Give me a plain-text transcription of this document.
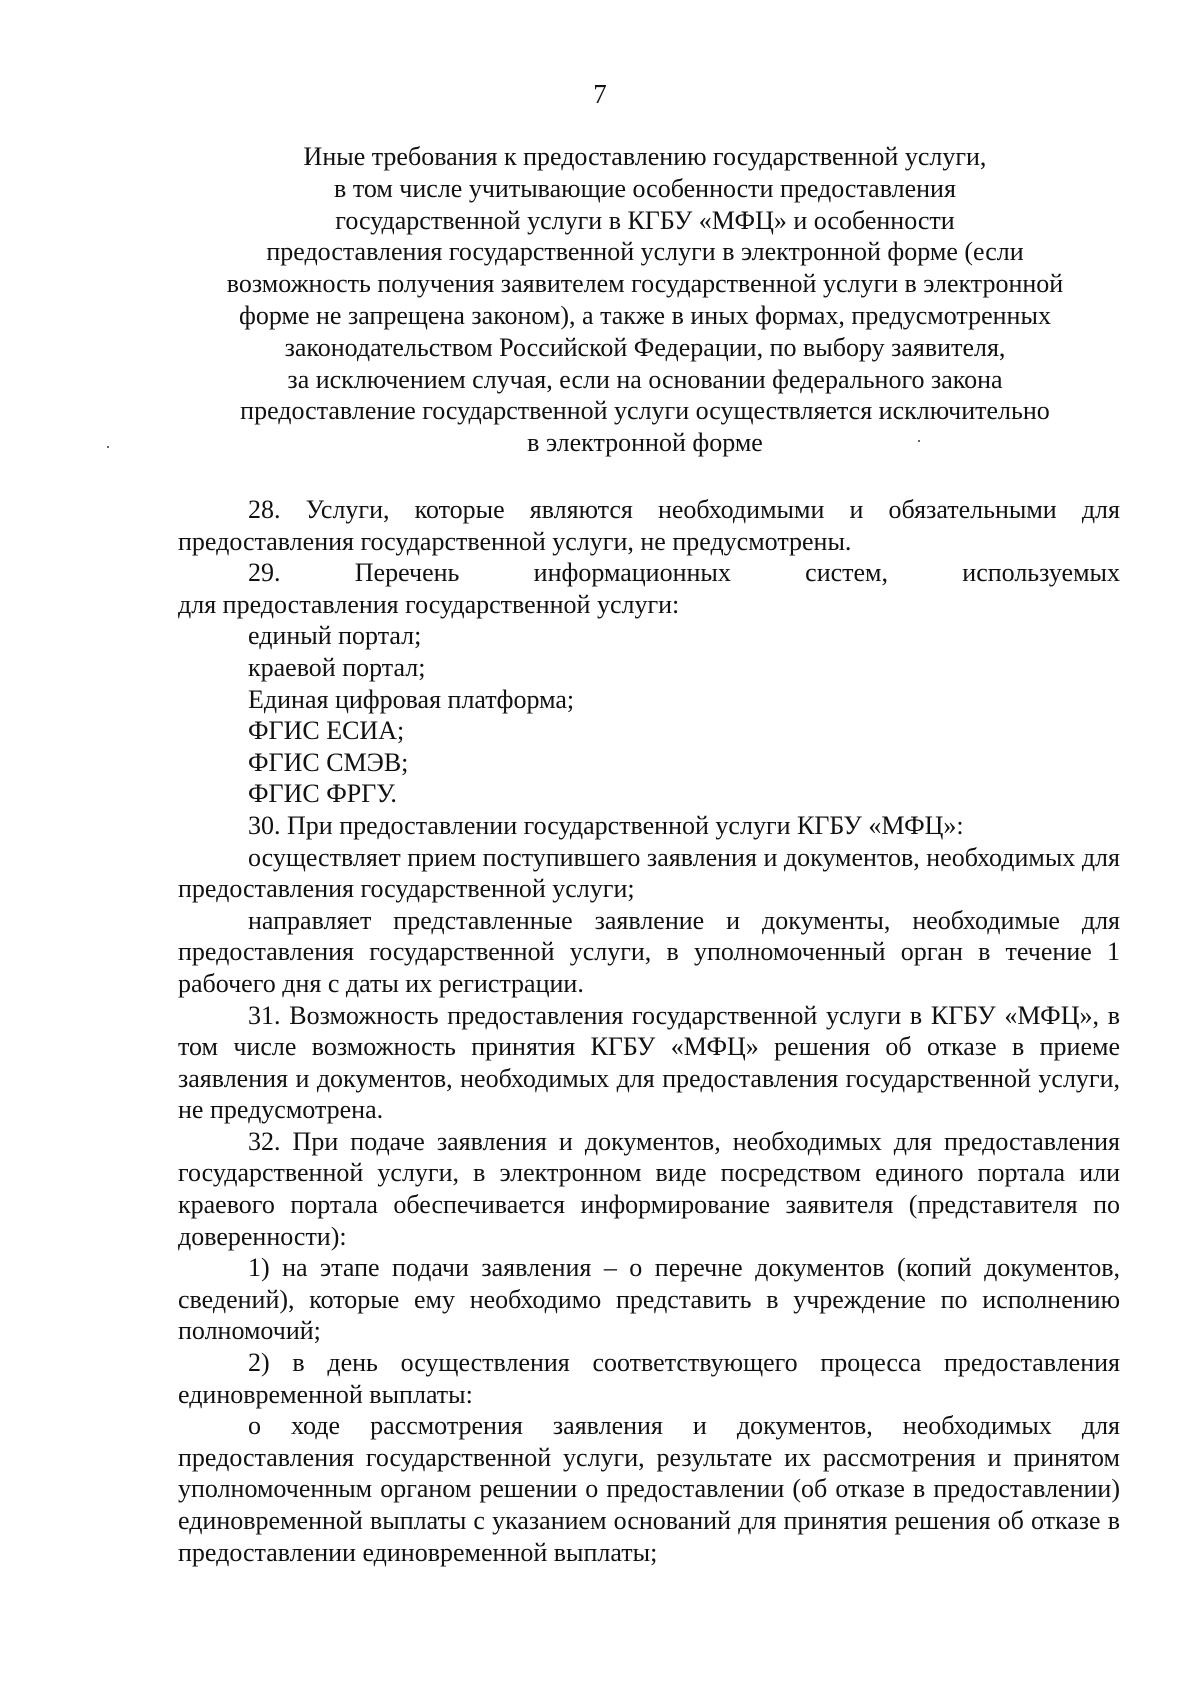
7
Иные требования к предоставлению государственной услуги,
в том числе учитывающие особенности предоставления
государственной услуги в КГБУ «МФЦ» и особенности
предоставления государственной услуги в электронной форме (если
возможность получения заявителем государственной услуги в электронной
форме не запрещена законом), а также в иных формах, предусмотренных
законодательством Российской Федерации, по выбору заявителя,
за исключением случая, если на основании федерального закона
предоставление государственной услуги осуществляется исключительно
в электронной форме

28. Услуги, которые являются необходимыми и обязательными для предоставления государственной услуги, не предусмотрены.

29. Перечень информационных систем, используемых
для предоставления государственной услуги:

единый портал;

краевой портал;

Единая цифровая платформа;

ФГИС ЕСИА;

ФГИС СМЭВ;

ФГИС ФРГУ.

30. При предоставлении государственной услуги КГБУ «МФЦ»:

осуществляет прием поступившего заявления и документов, необходимых для предоставления государственной услуги;

направляет представленные заявление и документы, необходимые для предоставления государственной услуги, в уполномоченный орган в течение 1 рабочего дня с даты их регистрации.

31. Возможность предоставления государственной услуги в КГБУ «МФЦ», в том числе возможность принятия КГБУ «МФЦ» решения об отказе в приеме заявления и документов, необходимых для предоставления государственной услуги, не предусмотрена.

32. При подаче заявления и документов, необходимых для предоставления государственной услуги, в электронном виде посредством единого портала или краевого портала обеспечивается информирование заявителя (представителя по доверенности):

1) на этапе подачи заявления – о перечне документов (копий документов, сведений), которые ему необходимо представить в учреждение по исполнению полномочий;

2) в день осуществления соответствующего процесса предоставления единовременной выплаты:

о ходе рассмотрения заявления и документов, необходимых для предоставления государственной услуги, результате их рассмотрения и принятом уполномоченным органом решении о предоставлении (об отказе в предоставлении) единовременной выплаты с указанием оснований для принятия решения об отказе в предоставлении единовременной выплаты;
